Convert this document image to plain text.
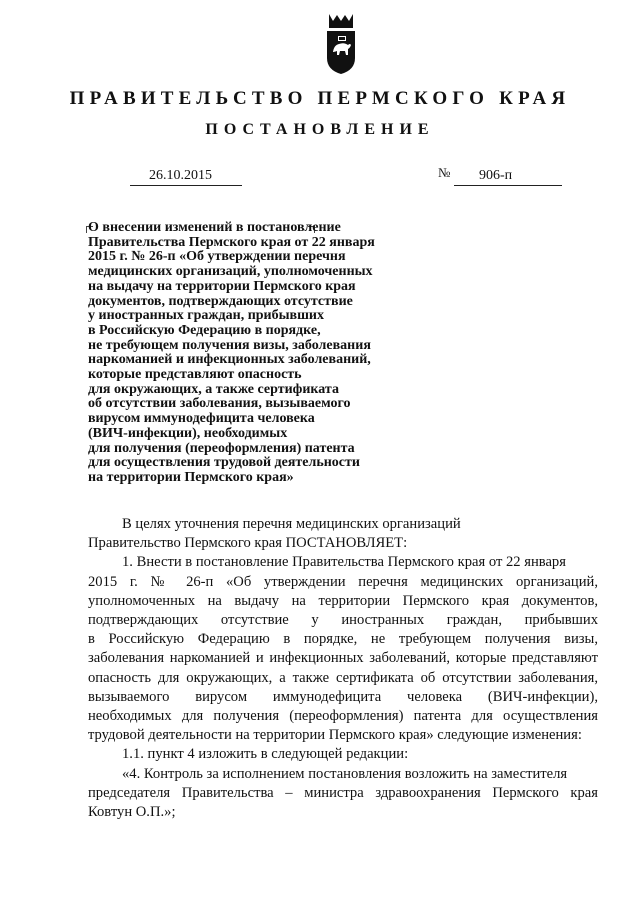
ПРАВИТЕЛЬСТВО ПЕРМСКОГО КРАЯ
ПОСТАНОВЛЕНИЕ
26.10.2015	№ 906-п
О внесении изменений в постановление
Правительства Пермского края от 22 января
2015 г. № 26-п «Об утверждении перечня
медицинских организаций, уполномоченных
на выдачу на территории Пермского края
документов, подтверждающих отсутствие
у иностранных граждан, прибывших
в Российскую Федерацию в порядке,
не требующем получения визы, заболевания
наркоманией и инфекционных заболеваний,
которые представляют опасность
для окружающих, а также сертификата
об отсутствии заболевания, вызываемого
вирусом иммунодефицита человека
(ВИЧ-инфекции), необходимых
для получения (переоформления) патента
для осуществления трудовой деятельности
на территории Пермского края»
В целях уточнения перечня медицинских организаций
Правительство Пермского края ПОСТАНОВЛЯЕТ:
1. Внести в постановление Правительства Пермского края от 22 января
2015 г. № 26-п «Об утверждении перечня медицинских организаций,
уполномоченных на выдачу на территории Пермского края документов,
подтверждающих отсутствие у иностранных граждан, прибывших
в Российскую Федерацию в порядке, не требующем получения визы,
заболевания наркоманией и инфекционных заболеваний, которые представляют
опасность для окружающих, а также сертификата об отсутствии заболевания,
вызываемого вирусом иммунодефицита человека (ВИЧ-инфекции),
необходимых для получения (переоформления) патента для осуществления
трудовой деятельности на территории Пермского края» следующие изменения:
1.1. пункт 4 изложить в следующей редакции:
«4. Контроль за исполнением постановления возложить на заместителя
председателя Правительства – министра здравоохранения Пермского края
Ковтун О.П.»;
